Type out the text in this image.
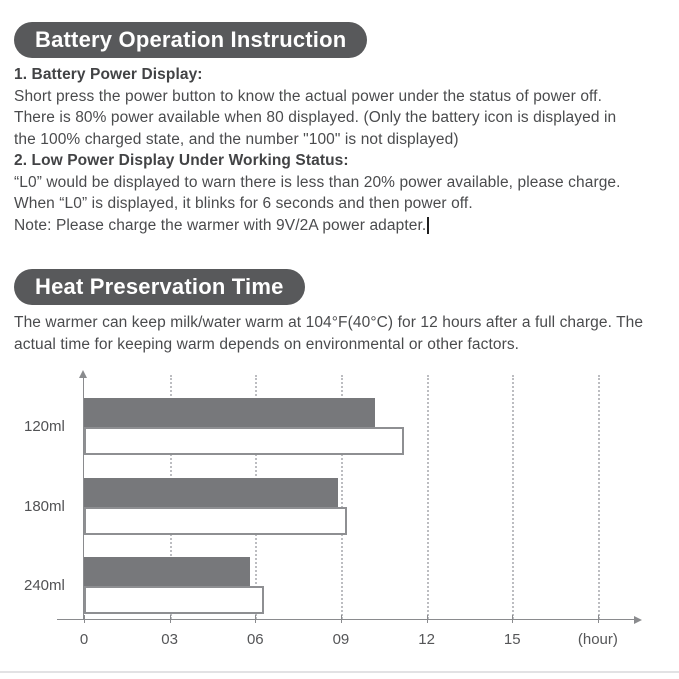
Battery Operation Instruction
1. Battery Power Display:
Short press the power button to know the actual power under the status of power off.
There is 80% power available when 80 displayed. (Only the battery icon is displayed in
the 100% charged state, and the number "100" is not displayed)
2. Low Power Display Under Working Status:
“L0” would be displayed to warn there is less than 20% power available, please charge.
When “L0” is displayed, it blinks for 6 seconds and then power off.
Note: Please charge the warmer with 9V/2A power adapter.
Heat Preservation Time
The warmer can keep milk/water warm at 104°F(40°C) for 12 hours after a full charge. The
actual time for keeping warm depends on environmental or other factors.
120ml
180ml
240ml
0	03	06	09	12	15	(hour)
